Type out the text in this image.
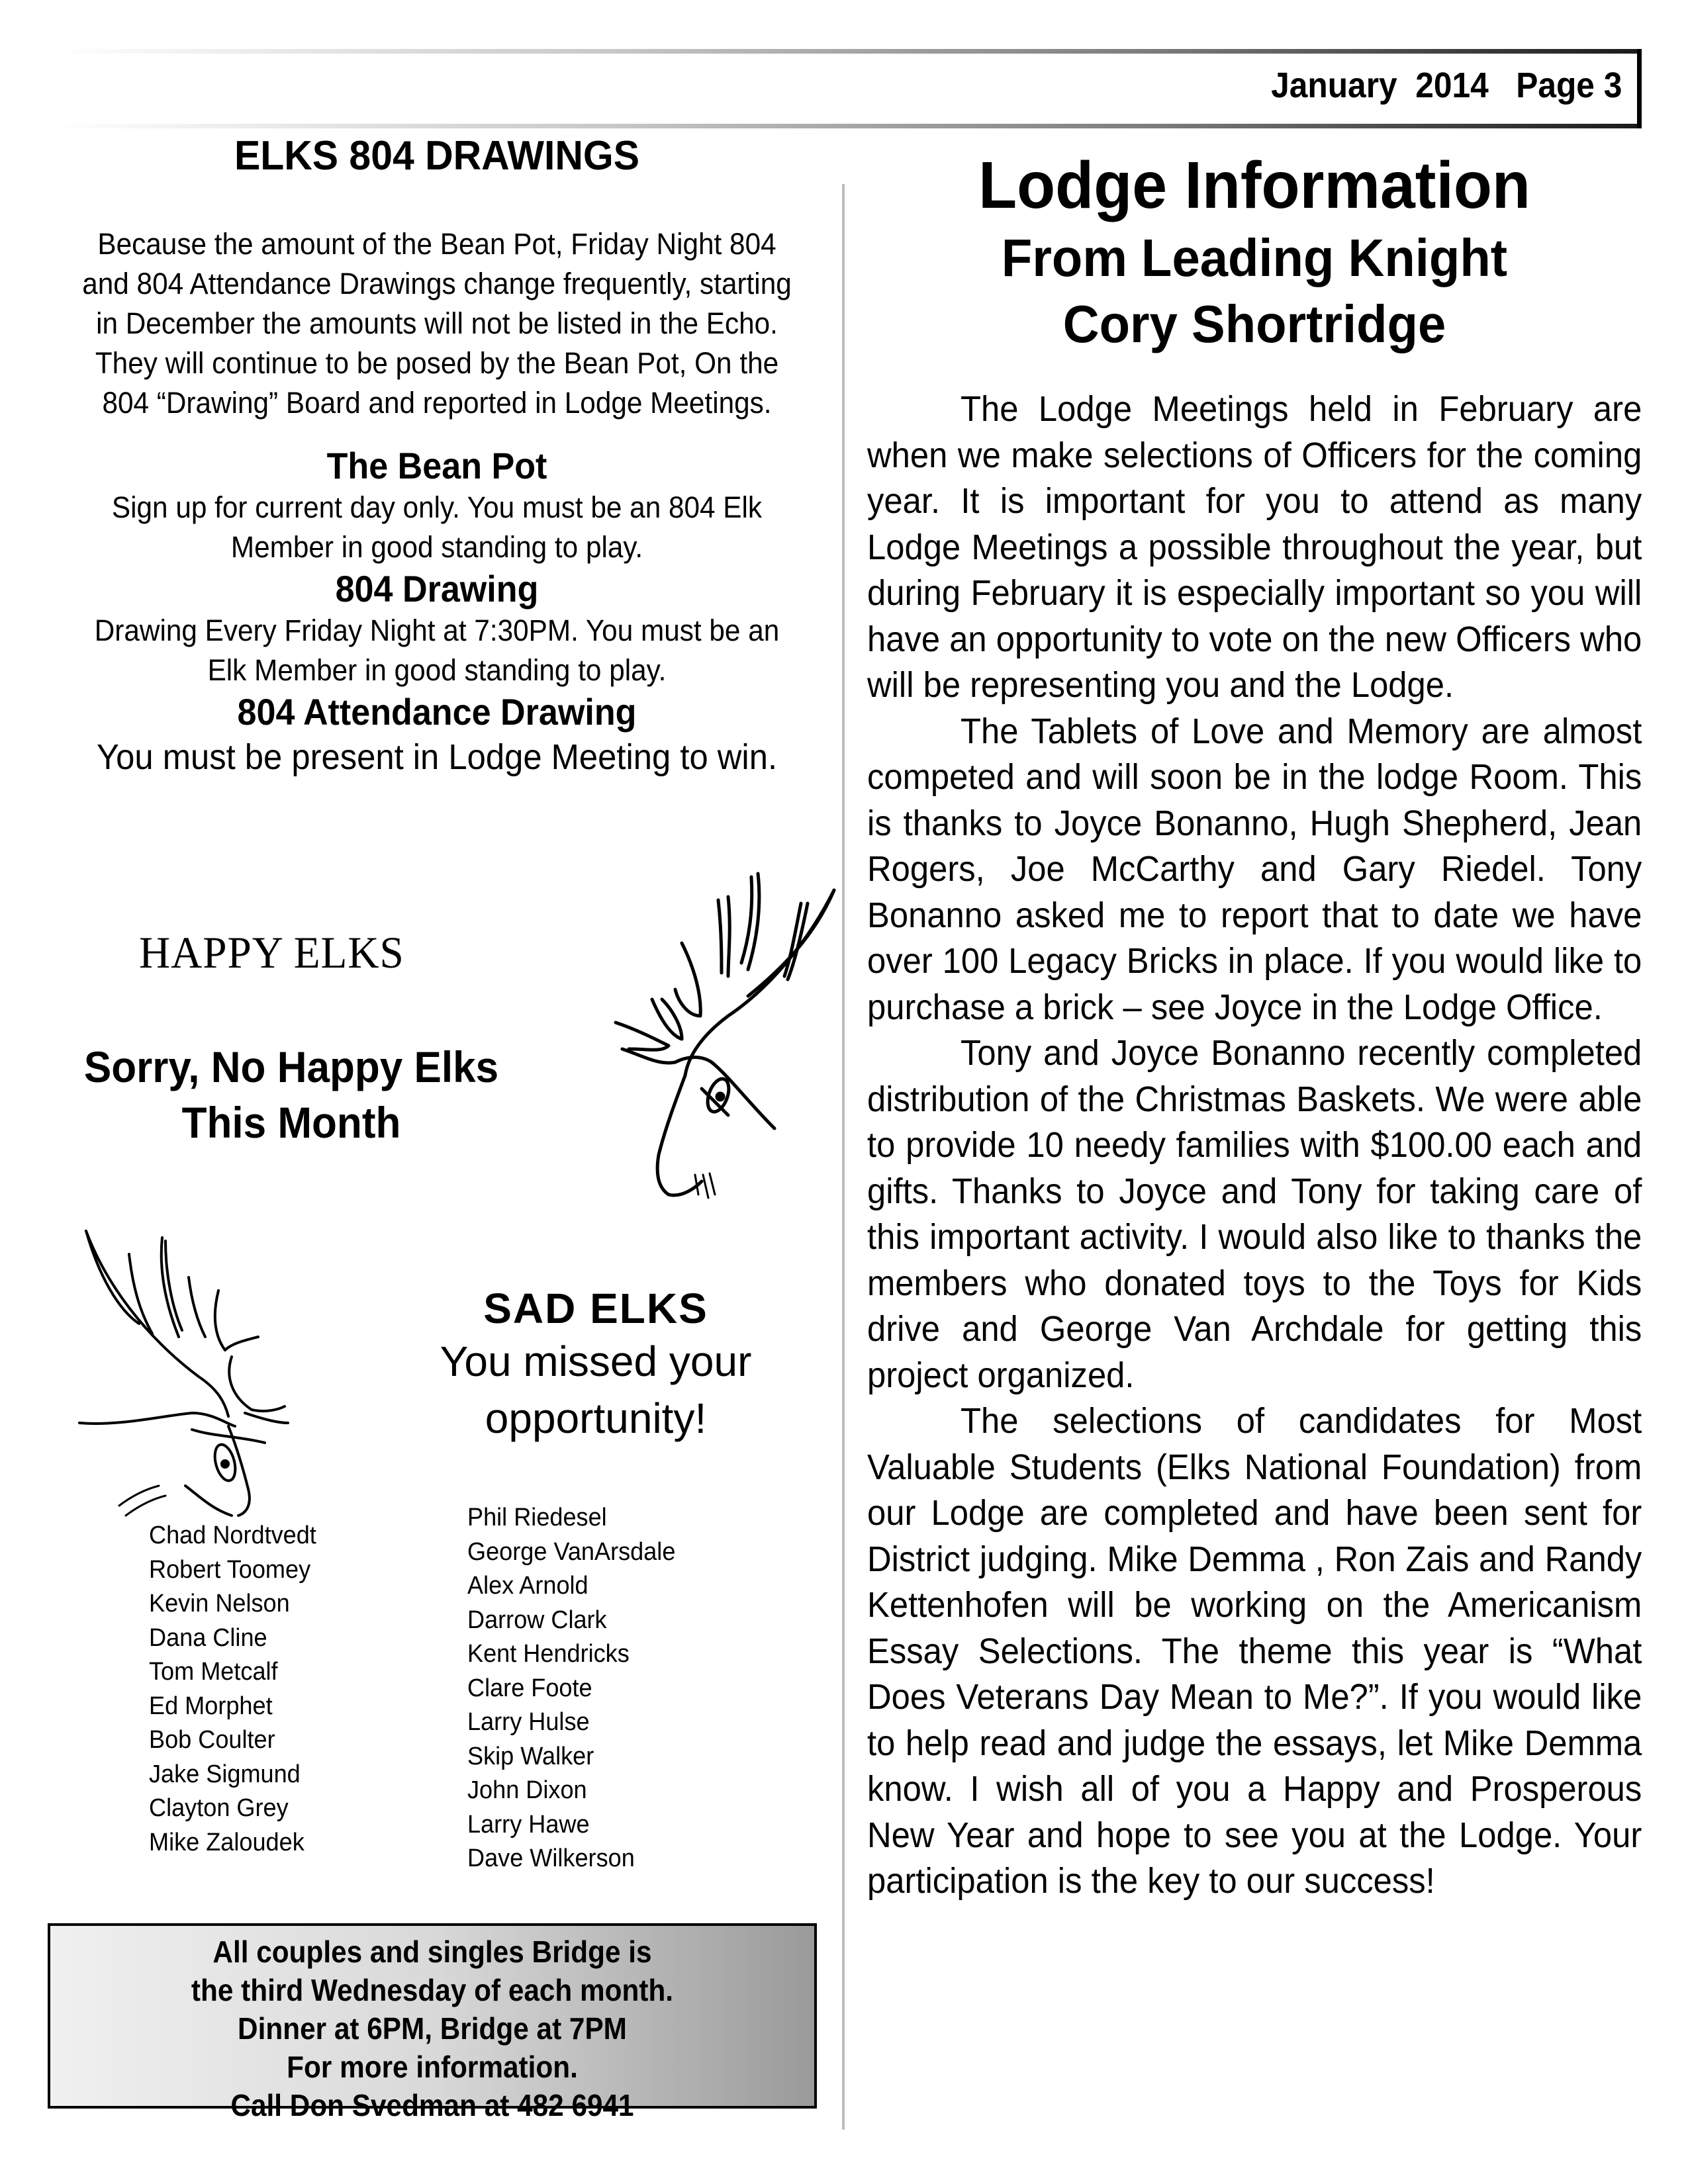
January  2014 Page 3
ELKS 804 DRAWINGS
Because the amount of the Bean Pot, Friday Night 804 and 804 Attendance Drawings change frequently, starting in December the amounts will not be listed in the Echo. They will continue to be posed by the Bean Pot, On the 804 “Drawing” Board and reported in Lodge Meetings.
The Bean Pot
Sign up for current day only. You must be an 804 Elk Member in good standing to play.
804 Drawing
Drawing Every Friday Night at 7:30PM. You must be an Elk Member in good standing to play.
804 Attendance Drawing
You must be present in Lodge Meeting to win.
HAPPY ELKS
Sorry, No Happy Elks
This Month
SAD ELKS
You missed your opportunity!
Chad Nordtvedt
Robert Toomey
Kevin Nelson
Dana Cline
Tom Metcalf
Ed Morphet
Bob Coulter
Jake Sigmund
Clayton Grey
Mike Zaloudek
Phil Riedesel
George VanArsdale
Alex Arnold
Darrow Clark
Kent Hendricks
Clare Foote
Larry Hulse
Skip Walker
John Dixon
Larry Hawe
Dave Wilkerson
All couples and singles Bridge is
the third Wednesday of each month.
Dinner at 6PM, Bridge at 7PM
For more information.
Call Don Svedman at 482 6941
Lodge Information
From Leading Knight
Cory Shortridge

The Lodge Meetings held in February are when we make selections of Officers for the coming year. It is important for you to attend as many Lodge Meetings a possible throughout the year, but during February it is especially important so you will have an opportunity to vote on the new Officers who will be representing you and the Lodge.

The Tablets of Love and Memory are almost competed and will soon be in the lodge Room. This is thanks to Joyce Bonanno, Hugh Shepherd, Jean Rogers, Joe McCarthy and Gary Riedel. Tony Bonanno asked me to report that to date we have over 100 Legacy Bricks in place. If you would like to purchase a brick – see Joyce in the Lodge Office.

Tony and Joyce Bonanno recently completed distribution of the Christmas Baskets. We were able to provide 10 needy families with $100.00 each and gifts. Thanks to Joyce and Tony for taking care of this important activity. I would also like to thanks the members who donated toys to the Toys for Kids drive and George Van Archdale for getting this project organized.

The selections of candidates for Most Valuable Students (Elks National Foundation) from our Lodge are completed and have been sent for District judging. Mike Demma , Ron Zais and Randy Kettenhofen will be working on the Americanism Essay Selections. The theme this year is “What Does Veterans Day Mean to Me?”. If you would like to help read and judge the essays, let Mike Demma know. I wish all of you a Happy and Prosperous New Year and hope to see you at the Lodge. Your participation is the key to our success!
